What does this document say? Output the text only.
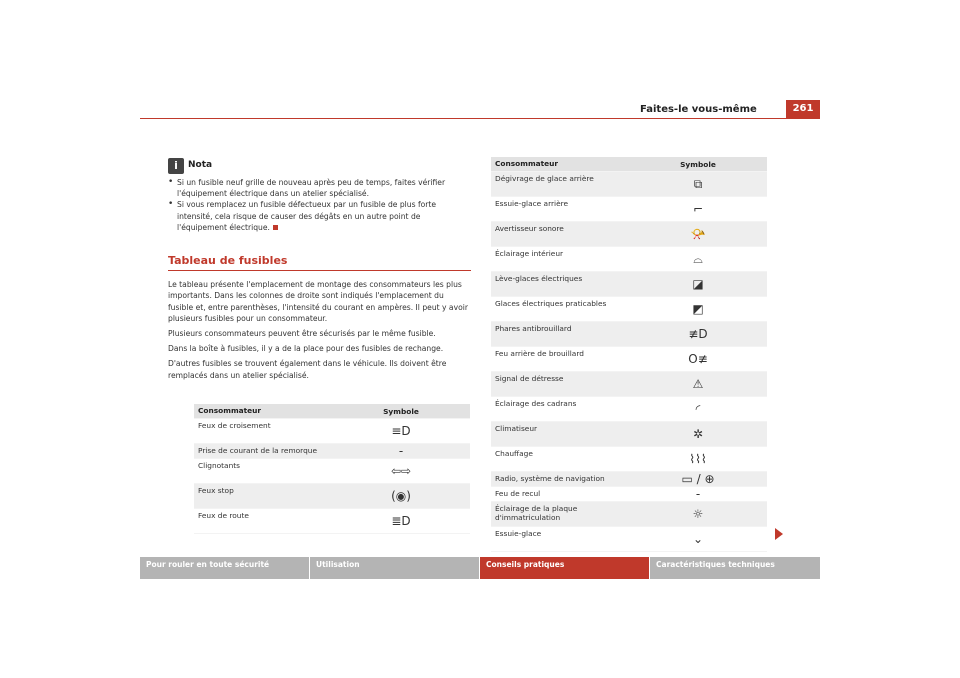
Faites-le vous-même	261
i	Nota

• Si un fusible neuf grille de nouveau après peu de temps, faites vérifier l'équipement électrique dans un atelier spécialisé.

• Si vous remplacez un fusible défectueux par un fusible de plus forte intensité, cela risque de causer des dégâts en un autre point de l'équipement électrique.

Tableau de fusibles

Le tableau présente l'emplacement de montage des consommateurs les plus importants. Dans les colonnes de droite sont indiqués l'emplacement du fusible et, entre parenthèses, l'intensité du courant en ampères. Il peut y avoir plusieurs fusibles pour un consommateur.

Plusieurs consommateurs peuvent être sécurisés par le même fusible.

Dans la boîte à fusibles, il y a de la place pour des fusibles de rechange.

D'autres fusibles se trouvent également dans le véhicule. Ils doivent être remplacés dans un atelier spécialisé.

Consommateur	Symbole
Feux de croisement	≡D
Prise de courant de la remorque	-
Clignotants	⇦⇨
Feux stop	(◉)
Feux de route	≣D
Consommateur	Symbole
Dégivrage de glace arrière	⧉
Essuie-glace arrière	⌐
Avertisseur sonore	📯
Éclairage intérieur	⌓
Lève-glaces électriques	◪
Glaces électriques praticables	◩
Phares antibrouillard	≢D
Feu arrière de brouillard	O≢
Signal de détresse	⚠
Éclairage des cadrans	◜
Climatiseur	✲
Chauffage	⌇⌇⌇
Radio, système de navigation	▭ / ⊕
Feu de recul	-
Éclairage de la plaque d'immatriculation	☼
Essuie-glace	⌄
Pour rouler en toute sécurité	Utilisation	Conseils pratiques	Caractéristiques techniques
